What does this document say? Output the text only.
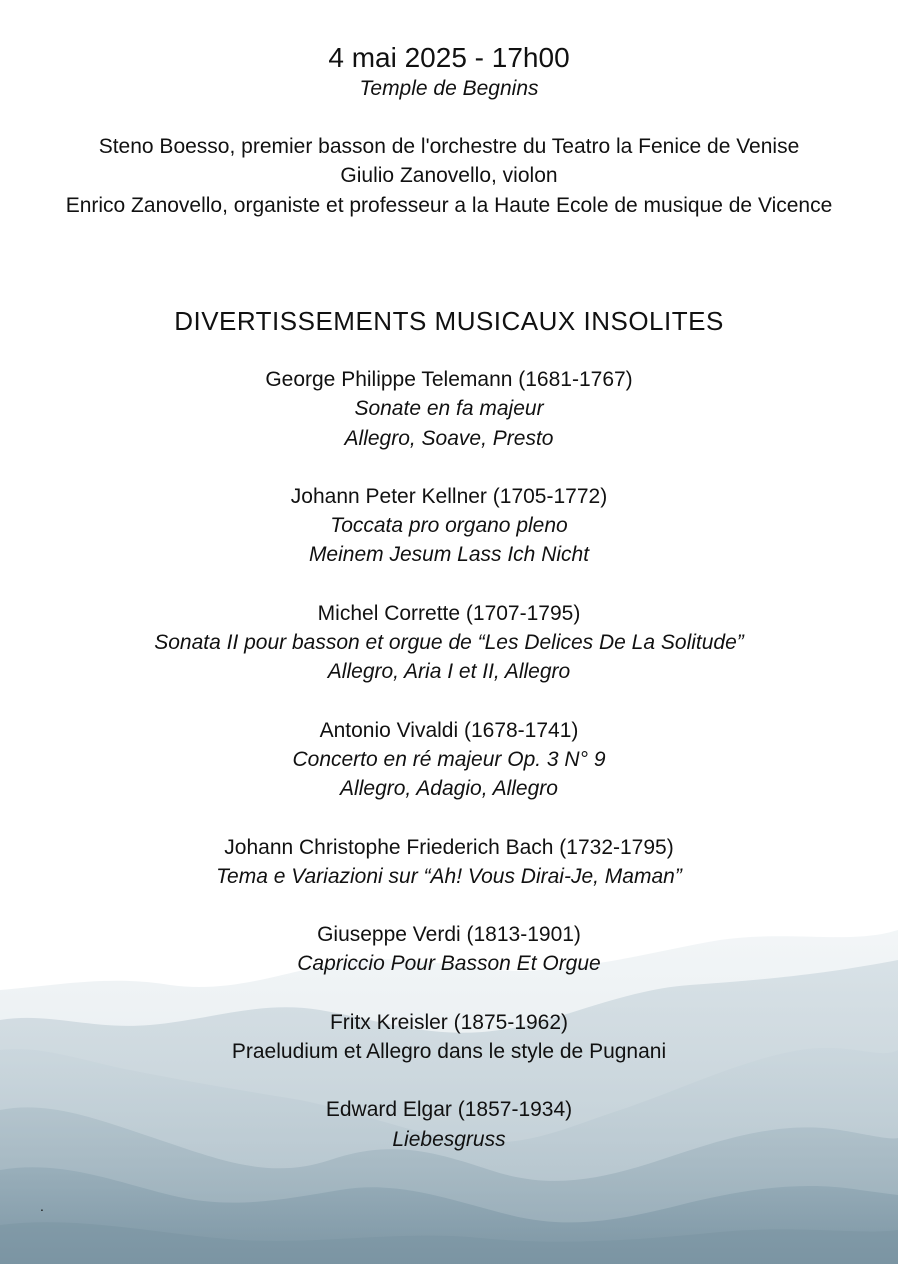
4 mai 2025 - 17h00
Temple de Begnins
Steno Boesso, premier basson de l'orchestre du Teatro la Fenice de Venise
Giulio Zanovello, violon
Enrico Zanovello, organiste et professeur a la Haute Ecole de musique de Vicence
DIVERTISSEMENTS MUSICAUX INSOLITES
George Philippe Telemann (1681-1767)
Sonate en fa majeur
Allegro, Soave, Presto
Johann Peter Kellner (1705-1772)
Toccata pro organo pleno
Meinem Jesum Lass Ich Nicht
Michel Corrette (1707-1795)
Sonata II pour basson et orgue de “Les Delices De La Solitude”
Allegro, Aria I et II, Allegro
Antonio Vivaldi (1678-1741)
Concerto en ré majeur Op. 3 N° 9
Allegro, Adagio, Allegro
Johann Christophe Friederich Bach (1732-1795)
Tema e Variazioni sur “Ah! Vous Dirai-Je, Maman”
Giuseppe Verdi (1813-1901)
Capriccio Pour Basson Et Orgue
Fritx Kreisler (1875-1962)
Praeludium et Allegro dans le style de Pugnani
Edward Elgar (1857-1934)
Liebesgruss
.
